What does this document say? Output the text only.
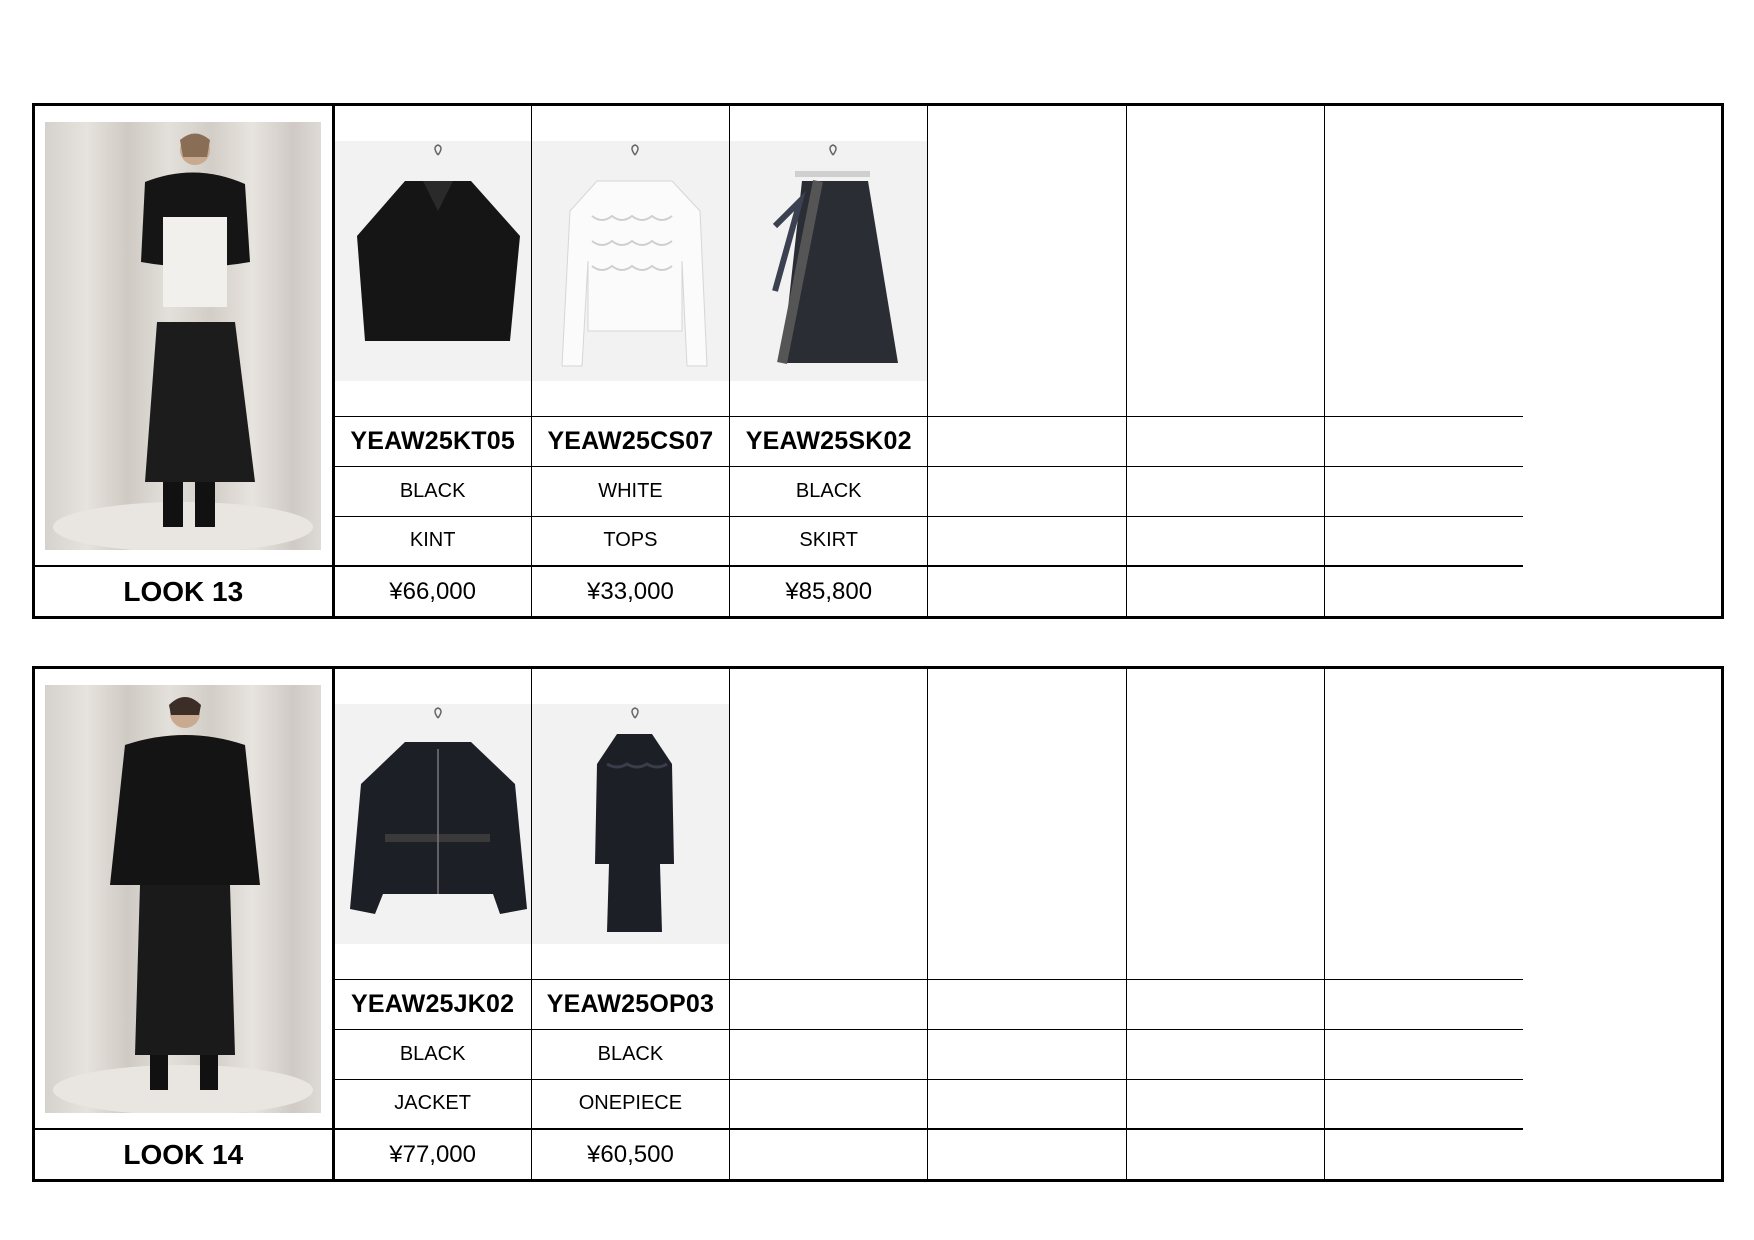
	YEAW25KT05	YEAW25CS07	YEAW25SK02			
	BLACK	WHITE	BLACK			
	KINT	TOPS	SKIRT			
LOOK 13	¥66,000	¥33,000	¥85,800			

	YEAW25JK02	YEAW25OP03				
	BLACK	BLACK				
	JACKET	ONEPIECE				
LOOK 14	¥77,000	¥60,500				
